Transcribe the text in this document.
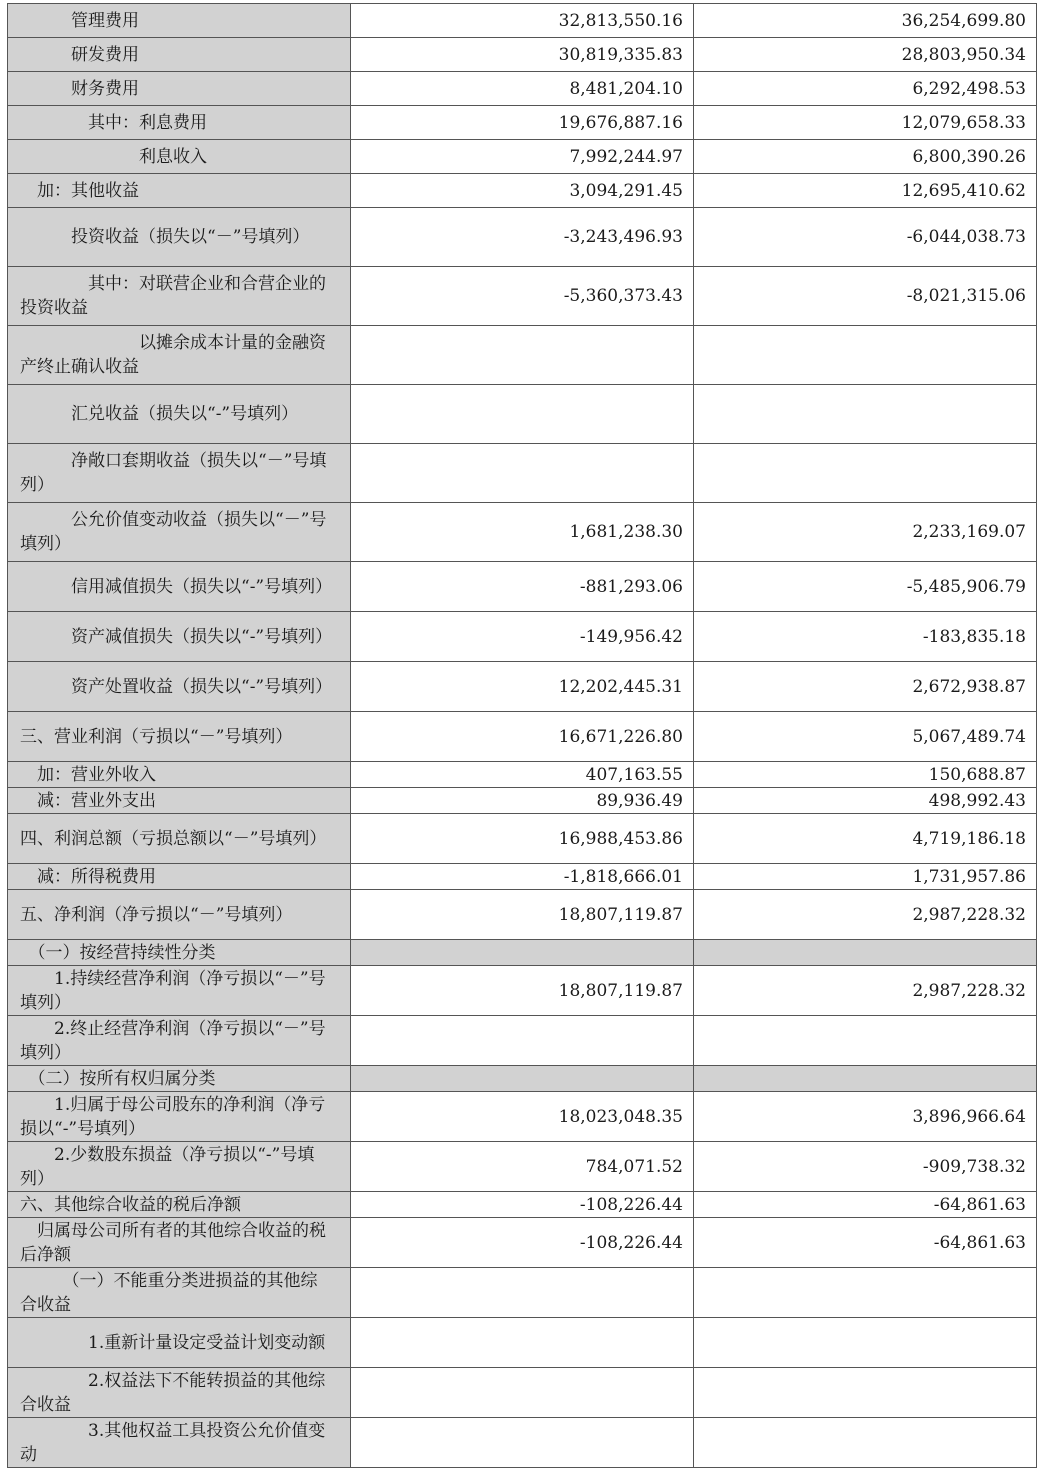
　　　管理费用	32,813,550.16	36,254,699.80
　　　研发费用	30,819,335.83	28,803,950.34
　　　财务费用	8,481,204.10	6,292,498.53
　　　　其中：利息费用	19,676,887.16	12,079,658.33
　　　　　　　利息收入	7,992,244.97	6,800,390.26
　加：其他收益	3,094,291.45	12,695,410.62
　　　投资收益（损失以“－”号填列）	-3,243,496.93	-6,044,038.73
　　　　其中：对联营企业和合营企业的投资收益	-5,360,373.43	-8,021,315.06
　　　　　　　以摊余成本计量的金融资产终止确认收益		
　　　汇兑收益（损失以“-”号填列）		
　　　净敞口套期收益（损失以“－”号填列）		
　　　公允价值变动收益（损失以“－”号填列）	1,681,238.30	2,233,169.07
　　　信用减值损失（损失以“-”号填列）	-881,293.06	-5,485,906.79
　　　资产减值损失（损失以“-”号填列）	-149,956.42	-183,835.18
　　　资产处置收益（损失以“-”号填列）	12,202,445.31	2,672,938.87
三、营业利润（亏损以“－”号填列）	16,671,226.80	5,067,489.74
　加：营业外收入	407,163.55	150,688.87
　减：营业外支出	89,936.49	498,992.43
四、利润总额（亏损总额以“－”号填列）	16,988,453.86	4,719,186.18
　减：所得税费用	-1,818,666.01	1,731,957.86
五、净利润（净亏损以“－”号填列）	18,807,119.87	2,987,228.32
　（一）按经营持续性分类		
　　1.持续经营净利润（净亏损以“－”号填列）	18,807,119.87	2,987,228.32
　　2.终止经营净利润（净亏损以“－”号填列）		
　（二）按所有权归属分类		
　　1.归属于母公司股东的净利润（净亏损以“-”号填列）	18,023,048.35	3,896,966.64
　　2.少数股东损益（净亏损以“-”号填列）	784,071.52	-909,738.32
六、其他综合收益的税后净额	-108,226.44	-64,861.63
　归属母公司所有者的其他综合收益的税后净额	-108,226.44	-64,861.63
　　　（一）不能重分类进损益的其他综合收益		
　　　　1.重新计量设定受益计划变动额		
　　　　2.权益法下不能转损益的其他综合收益		
　　　　3.其他权益工具投资公允价值变动		
